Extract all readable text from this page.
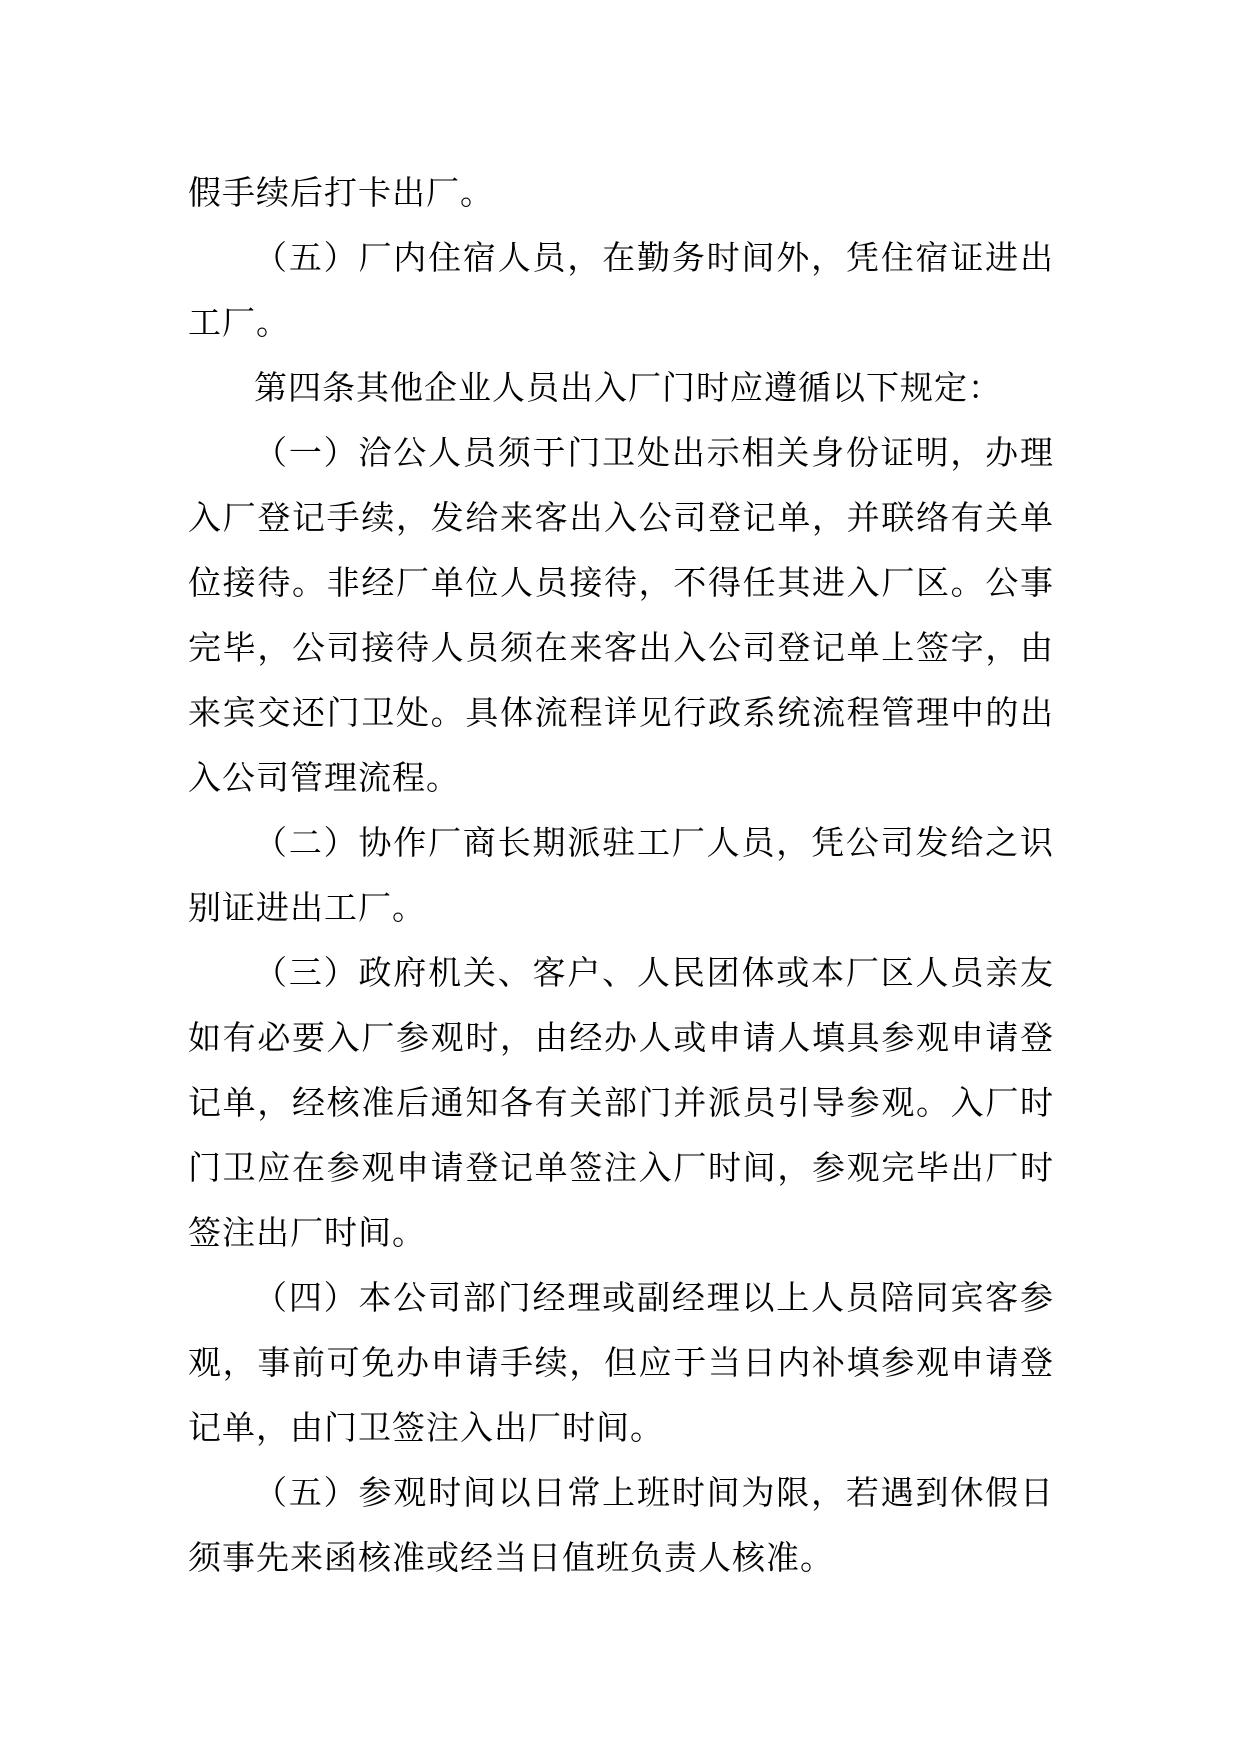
假手续后打卡出厂。

（五）厂内住宿人员，在勤务时间外，凭住宿证进出工厂。

第四条其他企业人员出入厂门时应遵循以下规定：

（一）洽公人员须于门卫处出示相关身份证明，办理入厂登记手续，发给来客出入公司登记单，并联络有关单位接待。非经厂单位人员接待，不得任其进入厂区。公事完毕，公司接待人员须在来客出入公司登记单上签字，由来宾交还门卫处。具体流程详见行政系统流程管理中的出入公司管理流程。

（二）协作厂商长期派驻工厂人员，凭公司发给之识别证进出工厂。

（三）政府机关、客户、人民团体或本厂区人员亲友如有必要入厂参观时，由经办人或申请人填具参观申请登记单，经核准后通知各有关部门并派员引导参观。入厂时门卫应在参观申请登记单签注入厂时间，参观完毕出厂时签注出厂时间。

（四）本公司部门经理或副经理以上人员陪同宾客参观，事前可免办申请手续，但应于当日内补填参观申请登记单，由门卫签注入出厂时间。

（五）参观时间以日常上班时间为限，若遇到休假日须事先来函核准或经当日值班负责人核准。
